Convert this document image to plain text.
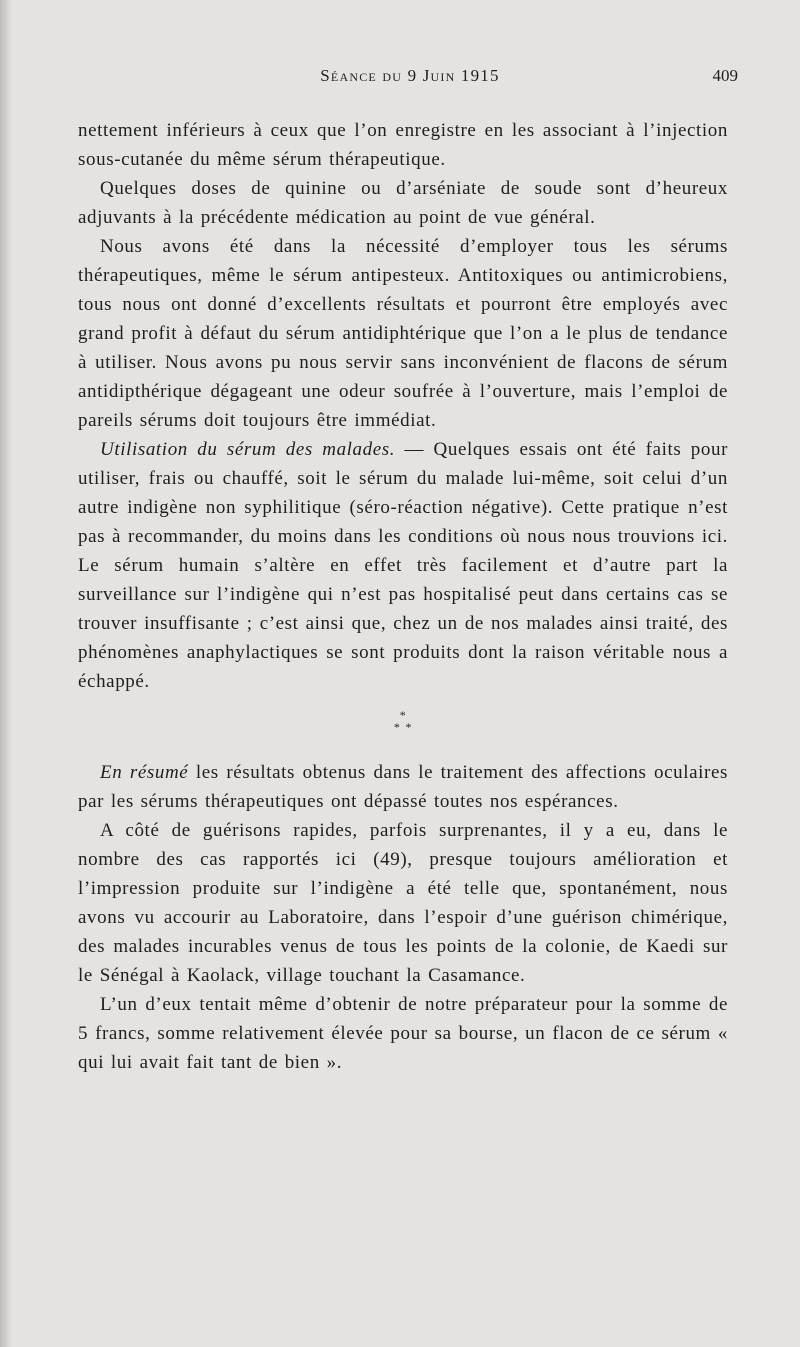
Séance du 9 Juin 1915	409

nettement inférieurs à ceux que l’on enregistre en les associant à l’injection sous-cutanée du même sérum thérapeutique.

Quelques doses de quinine ou d’arséniate de soude sont d’heureux adjuvants à la précédente médication au point de vue général.

Nous avons été dans la nécessité d’employer tous les sérums thérapeutiques, même le sérum antipesteux. Antitoxiques ou antimicrobiens, tous nous ont donné d’excellents résultats et pourront être employés avec grand profit à défaut du sérum antidiphtérique que l’on a le plus de tendance à utiliser. Nous avons pu nous servir sans inconvénient de flacons de sérum antidipthérique dégageant une odeur soufrée à l’ouverture, mais l’emploi de pareils sérums doit toujours être immédiat.

Utilisation du sérum des malades. — Quelques essais ont été faits pour utiliser, frais ou chauffé, soit le sérum du malade lui-même, soit celui d’un autre indigène non syphilitique (séro-réaction négative). Cette pratique n’est pas à recommander, du moins dans les conditions où nous nous trouvions ici. Le sérum humain s’altère en effet très facilement et d’autre part la surveillance sur l’indigène qui n’est pas hospitalisé peut dans certains cas se trouver insuffisante ; c’est ainsi que, chez un de nos malades ainsi traité, des phénomènes anaphylactiques se sont produits dont la raison véritable nous a échappé.

*
* *

En résumé les résultats obtenus dans le traitement des affections oculaires par les sérums thérapeutiques ont dépassé toutes nos espérances.

A côté de guérisons rapides, parfois surprenantes, il y a eu, dans le nombre des cas rapportés ici (49), presque toujours amélioration et l’impression produite sur l’indigène a été telle que, spontanément, nous avons vu accourir au Laboratoire, dans l’espoir d’une guérison chimérique, des malades incurables venus de tous les points de la colonie, de Kaedi sur le Sénégal à Kaolack, village touchant la Casamance.

L’un d’eux tentait même d’obtenir de notre préparateur pour la somme de 5 francs, somme relativement élevée pour sa bourse, un flacon de ce sérum « qui lui avait fait tant de bien ».
